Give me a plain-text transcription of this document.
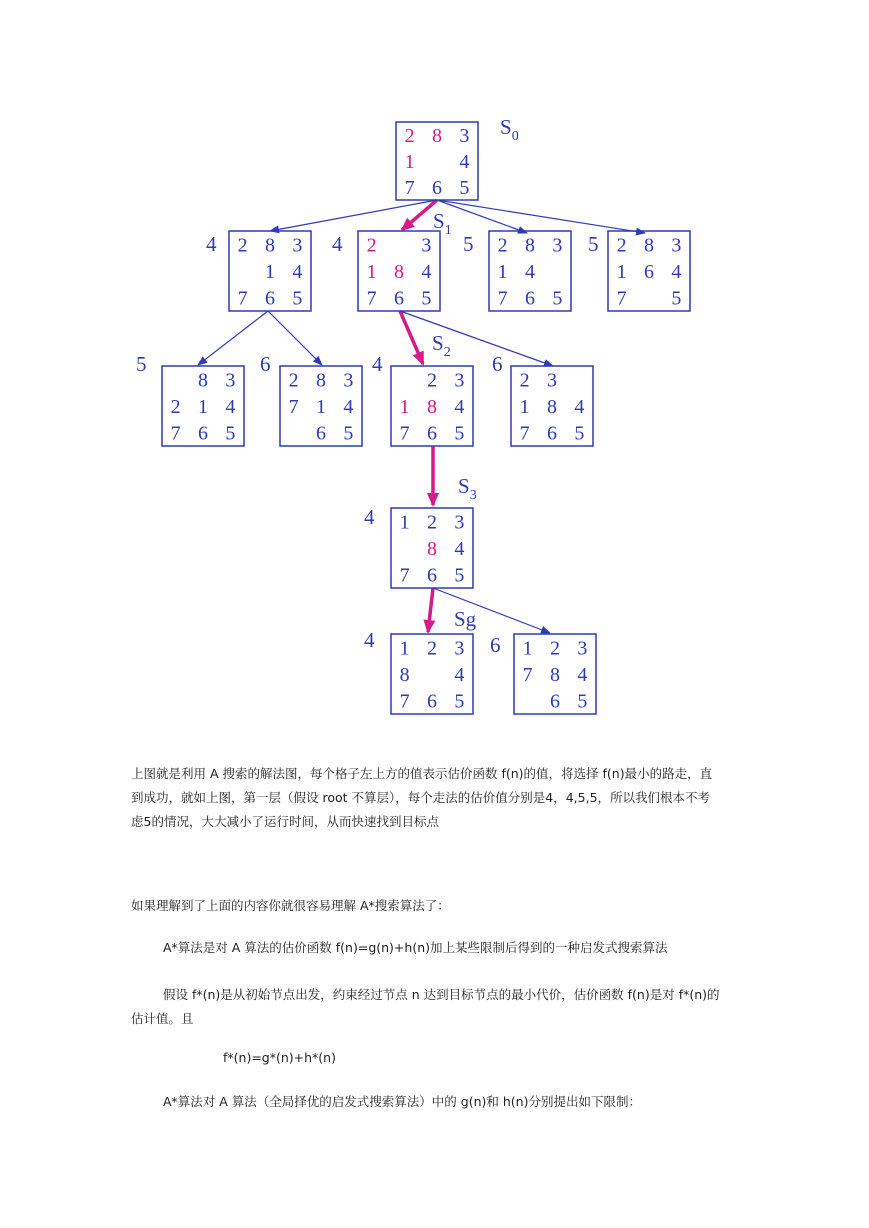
2 8 3
1 4
7 6 5
2 8 3
1 4
7 6 5
4	2 3
1 8 4
7 6 5
4	2 8 3
1 4
7 6 5
5	2 8 3
1 6 4
7 5
5
8 3
2 1 4
7 6 5
5
2 8 3
7 1 4
6 5
6
2 3
1 8 4
7 6 5
4
2 3
1 8 4
7 6 5
6
1 2 3
8 4
7 6 5
4
1 2 3
8 4
7 6 5
4	1 2 3
7 8 4
6 5
6
$S_0$
$S_1$
$S_2$
$S_3$
Sg
上图就是利用 A 搜索的解法图，每个格子左上方的值表示估价函数 f(n)的值，将选择 f(n)最小的路走，直
到成功，就如上图，第一层（假设 root 不算层），每个走法的估价值分别是4，4,5,5，所以我们根本不考
虑5的情况，大大减小了运行时间，从而快速找到目标点
如果理解到了上面的内容你就很容易理解 A*搜索算法了：
A*算法是对 A 算法的估价函数 f(n)=g(n)+h(n)加上某些限制后得到的一种启发式搜索算法
假设 f*(n)是从初始节点出发，约束经过节点 n 达到目标节点的最小代价，估价函数 f(n)是对 f*(n)的
估计值。且
f*(n)=g*(n)+h*(n)
A*算法对 A 算法（全局择优的启发式搜索算法）中的 g(n)和 h(n)分别提出如下限制：
